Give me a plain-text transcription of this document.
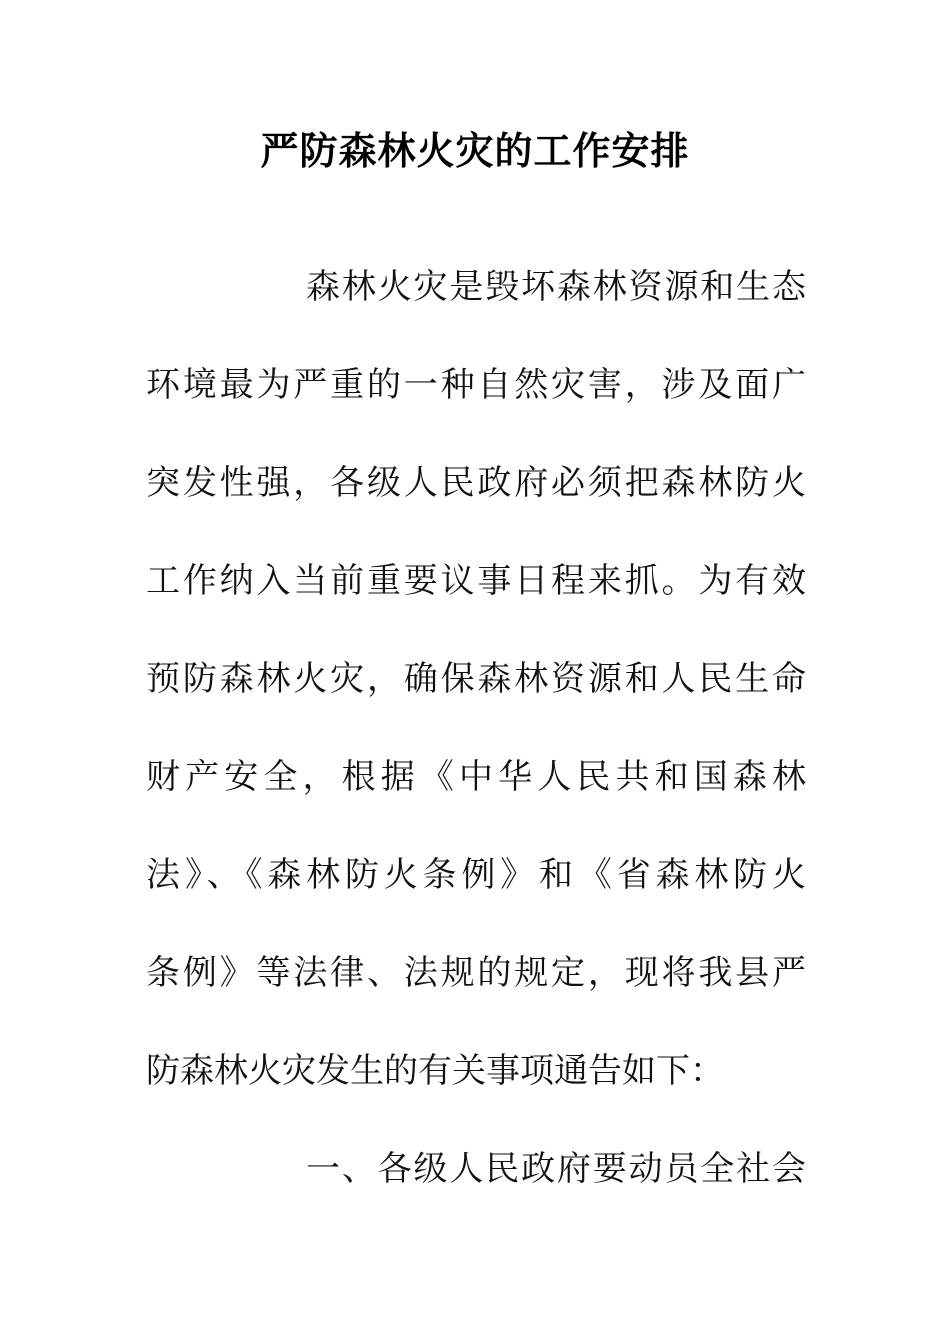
严防森林火灾的工作安排
森林火灾是毁坏森林资源和生态
环境最为严重的一种自然灾害，涉及面广
突发性强，各级人民政府必须把森林防火
工作纳入当前重要议事日程来抓。为有效
预防森林火灾，确保森林资源和人民生命
财产安全，根据《中华人民共和国森林
法》、《森林防火条例》和《省森林防火
条例》等法律、法规的规定，现将我县严
防森林火灾发生的有关事项通告如下：
一、各级人民政府要动员全社会
